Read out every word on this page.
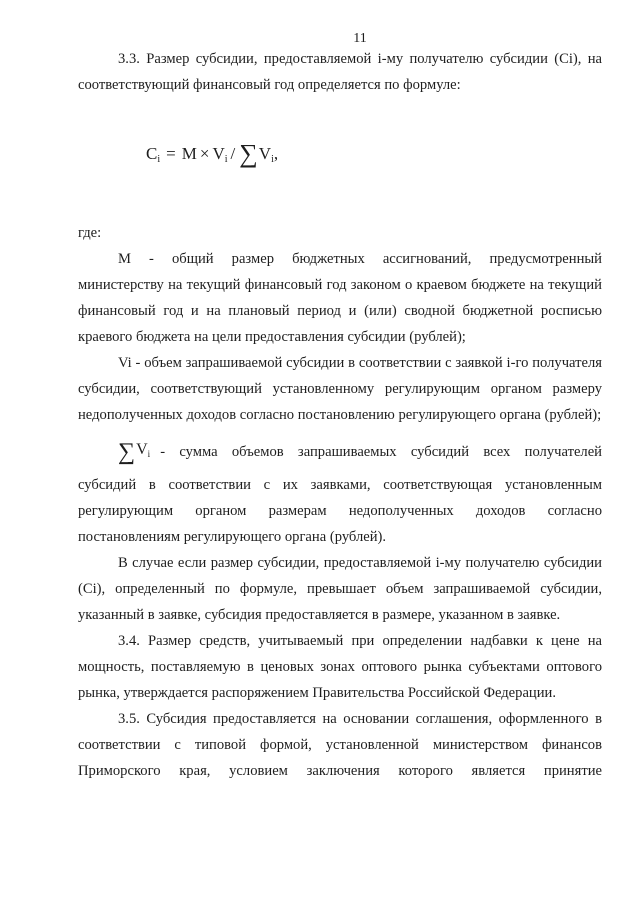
11

3.3. Размер субсидии, предоставляемой i-му получателю субсидии (Ci), на соответствующий финансовый год определяется по формуле:

$C_i = M \times V_i$ / ∑ $V_i$ ,
где:

М - общий размер бюджетных ассигнований, предусмотренный министерству на текущий финансовый год законом о краевом бюджете на текущий финансовый год и на плановый период и (или) сводной бюджетной росписью краевого бюджета на цели предоставления субсидии (рублей);

Vi - объем запрашиваемой субсидии в соответствии с заявкой i-го получателя субсидии, соответствующий установленному регулирующим органом размеру недополученных доходов согласно постановлению регулирующего органа (рублей);

∑ $V_i$ - сумма объемов запрашиваемых субсидий всех получателей

субсидий в соответствии с их заявками, соответствующая установленным регулирующим органом размерам недополученных доходов согласно постановлениям регулирующего органа (рублей).

В случае если размер субсидии, предоставляемой i-му получателю субсидии (Ci), определенный по формуле, превышает объем запрашиваемой субсидии, указанный в заявке, субсидия предоставляется в размере, указанном в заявке.

3.4. Размер средств, учитываемый при определении надбавки к цене на мощность, поставляемую в ценовых зонах оптового рынка субъектами оптового рынка, утверждается распоряжением Правительства Российской Федерации.

3.5. Субсидия предоставляется на основании соглашения, оформленного в соответствии с типовой формой, установленной министерством финансов Приморского края, условием заключения которого является принятие
